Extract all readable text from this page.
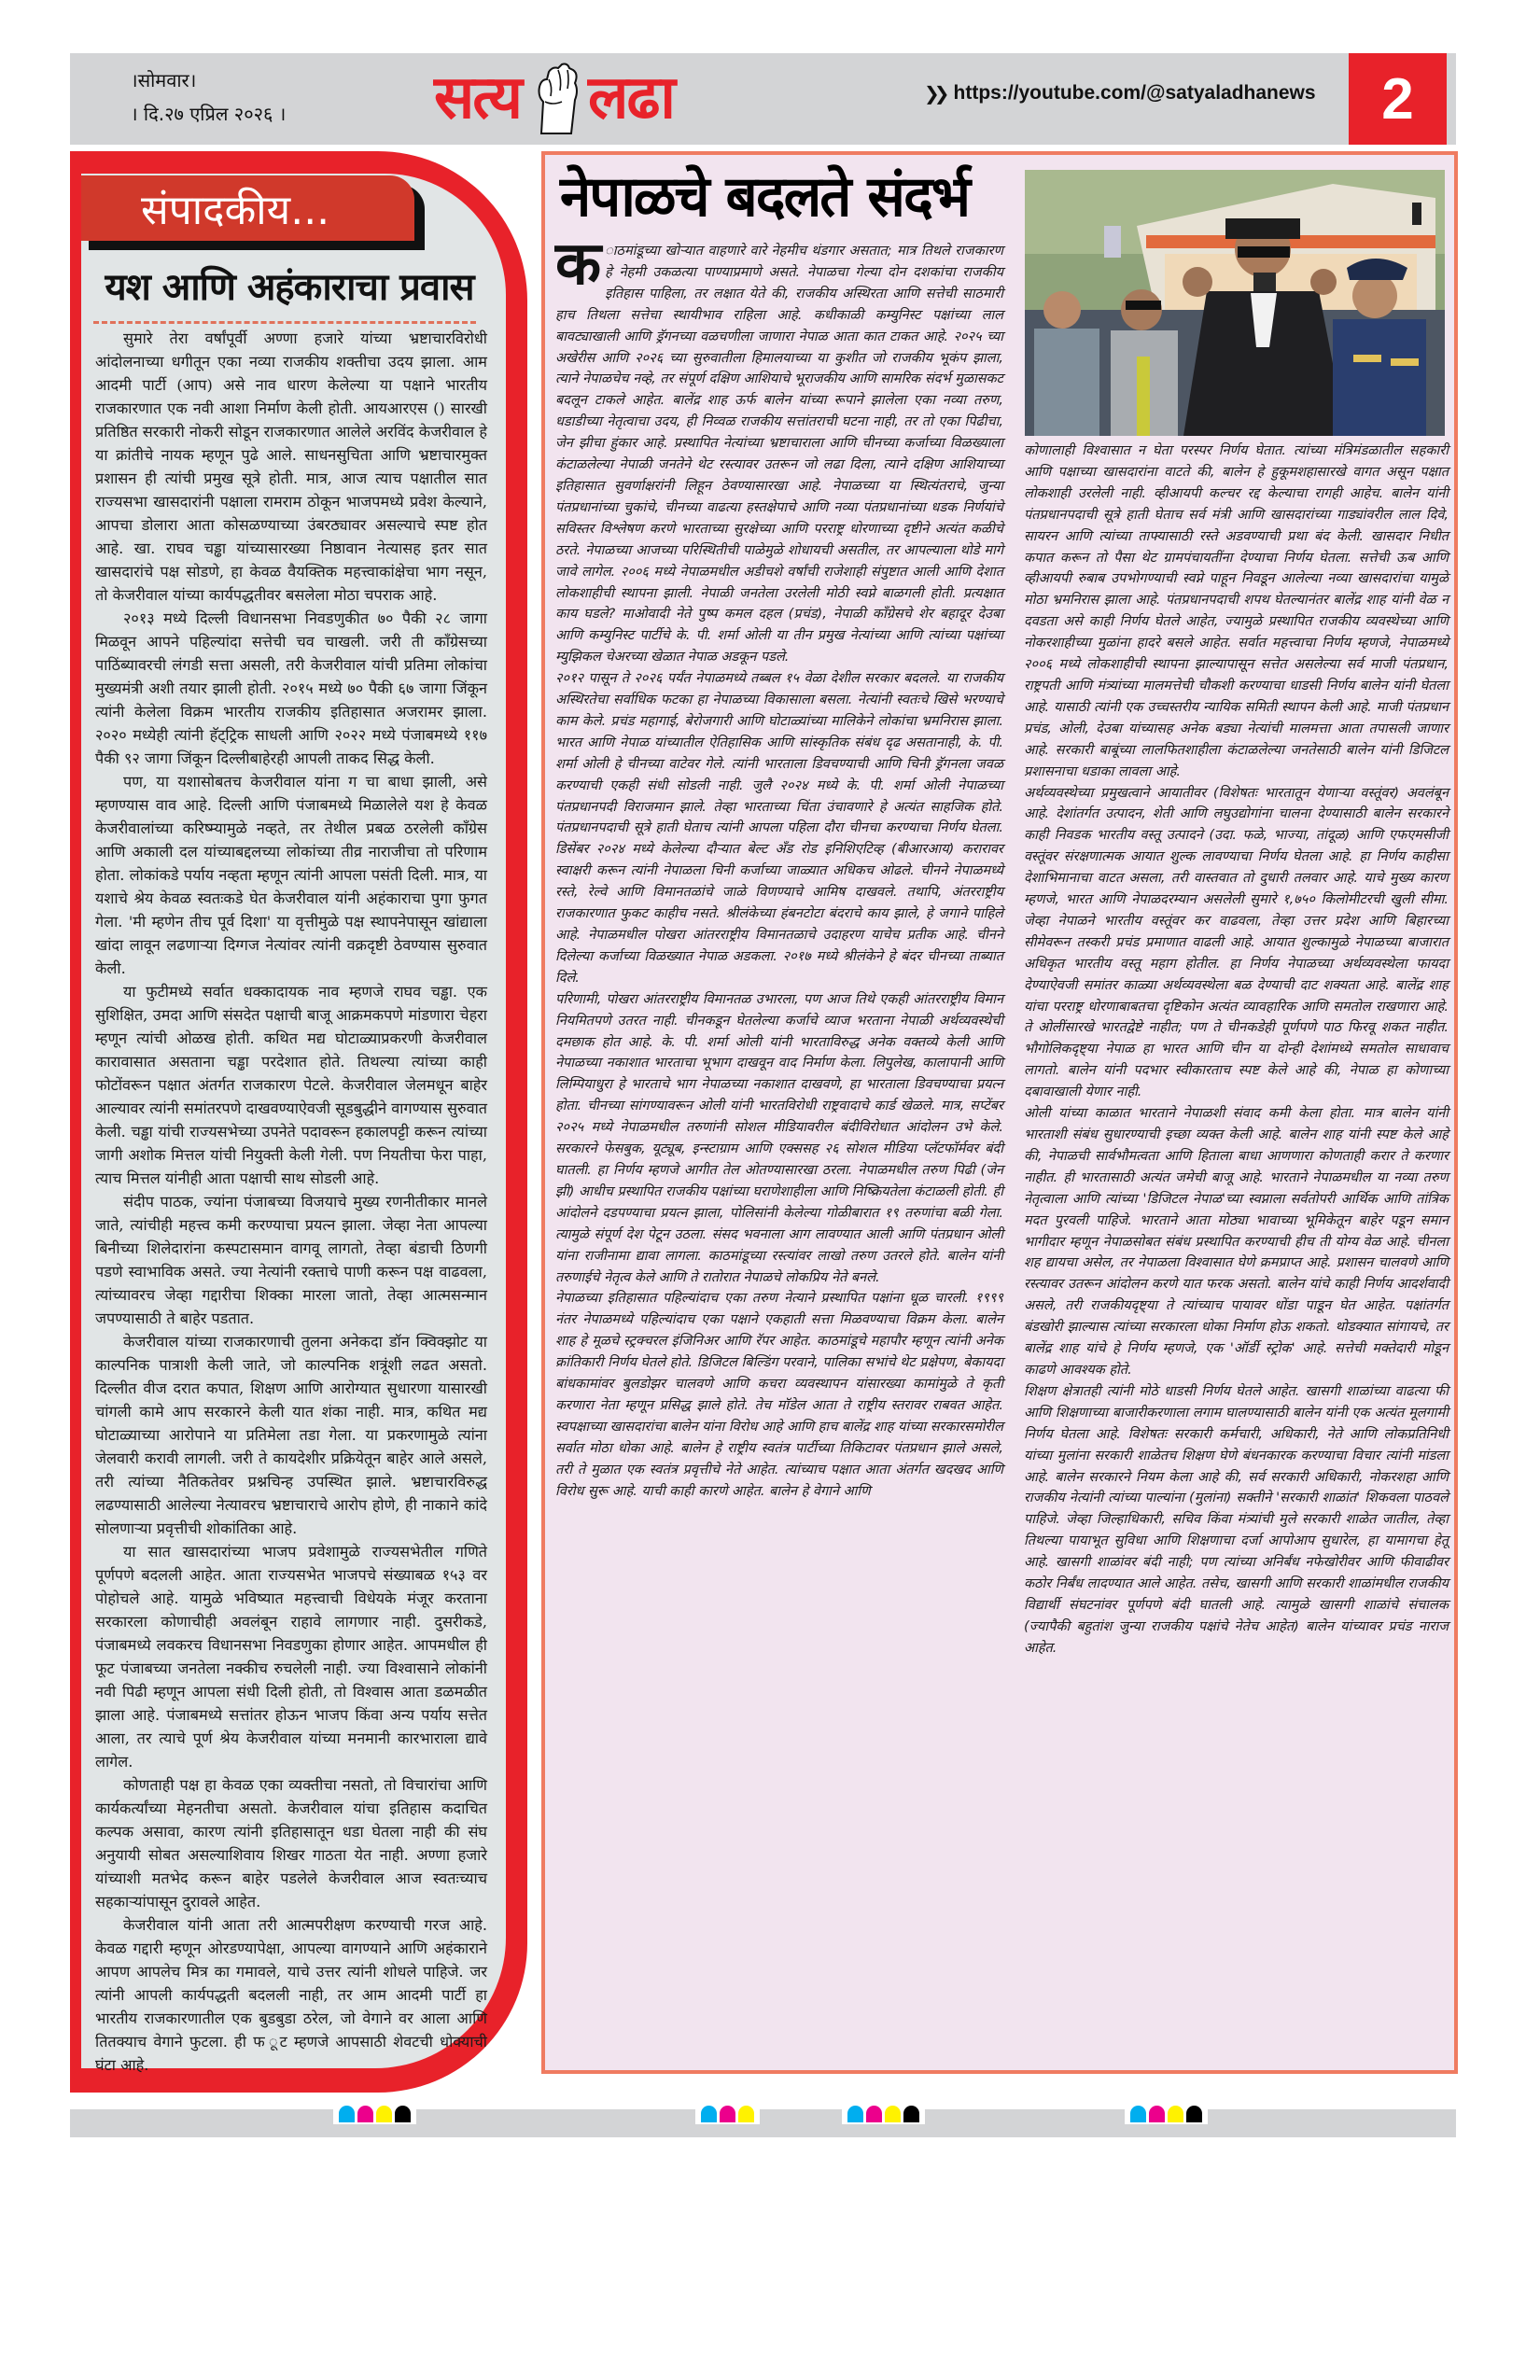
।सोमवार।
। दि.२७ एप्रिल २०२६ । सत्य लढा	❯❯ https://youtube.com/@satyaladhanews	2
संपादकीय...
यश आणि अहंकाराचा प्रवास

सुमारे तेरा वर्षांपूर्वी अण्णा हजारे यांच्या भ्रष्टाचारविरोधी आंदोलनाच्या धगीतून एका नव्या राजकीय शक्तीचा उदय झाला. आम आदमी पार्टी (आप) असे नाव धारण केलेल्या या पक्षाने भारतीय राजकारणात एक नवी आशा निर्माण केली होती. आयआरएस () सारखी प्रतिष्ठित सरकारी नोकरी सोडून राजकारणात आलेले अरविंद केजरीवाल हे या क्रांतीचे नायक म्हणून पुढे आले. साधनसुचिता आणि भ्रष्टाचारमुक्त प्रशासन ही त्यांची प्रमुख सूत्रे होती. मात्र, आज त्याच पक्षातील सात राज्यसभा खासदारांनी पक्षाला रामराम ठोकून भाजपमध्ये प्रवेश केल्याने, आपचा डोलारा आता कोसळण्याच्या उंबरठ्यावर असल्याचे स्पष्ट होत आहे. खा. राघव चड्ढा यांच्यासारख्या निष्ठावान नेत्यासह इतर सात खासदारांचे पक्ष सोडणे, हा केवळ वैयक्तिक महत्त्वाकांक्षेचा भाग नसून, तो केजरीवाल यांच्या कार्यपद्धतीवर बसलेला मोठा चपराक आहे.

२०१३ मध्ये दिल्ली विधानसभा निवडणुकीत ७० पैकी २८ जागा मिळवून आपने पहिल्यांदा सत्तेची चव चाखली. जरी ती काँग्रेसच्या पाठिंब्यावरची लंगडी सत्ता असली, तरी केजरीवाल यांची प्रतिमा लोकांचा मुख्यमंत्री अशी तयार झाली होती. २०१५ मध्ये ७० पैकी ६७ जागा जिंकून त्यांनी केलेला विक्रम भारतीय राजकीय इतिहासात अजरामर झाला. २०२० मध्येही त्यांनी हॅट्ट्रिक साधली आणि २०२२ मध्ये पंजाबमध्ये ११७ पैकी ९२ जागा जिंकून दिल्लीबाहेरही आपली ताकद सिद्ध केली.

पण, या यशासोबतच केजरीवाल यांना ग चा बाधा झाली, असे म्हणण्यास वाव आहे. दिल्ली आणि पंजाबमध्ये मिळालेले यश हे केवळ केजरीवालांच्या करिष्म्यामुळे नव्हते, तर तेथील प्रबळ ठरलेली काँग्रेस आणि अकाली दल यांच्याबद्दलच्या लोकांच्या तीव्र नाराजीचा तो परिणाम होता. लोकांकडे पर्याय नव्हता म्हणून त्यांनी आपला पसंती दिली. मात्र, या यशाचे श्रेय केवळ स्वतःकडे घेत केजरीवाल यांनी अहंकाराचा पुगा फुगत गेला. 'मी म्हणेन तीच पूर्व दिशा' या वृत्तीमुळे पक्ष स्थापनेपासून खांद्याला खांदा लावून लढणाऱ्या दिग्गज नेत्यांवर त्यांनी वक्रदृष्टी ठेवण्यास सुरुवात केली.

या फुटीमध्ये सर्वात धक्कादायक नाव म्हणजे राघव चड्ढा. एक सुशिक्षित, उमदा आणि संसदेत पक्षाची बाजू आक्रमकपणे मांडणारा चेहरा म्हणून त्यांची ओळख होती. कथित मद्य घोटाळ्याप्रकरणी केजरीवाल कारावासात असताना चड्ढा परदेशात होते. तिथल्या त्यांच्या काही फोटोंवरून पक्षात अंतर्गत राजकारण पेटले. केजरीवाल जेलमधून बाहेर आल्यावर त्यांनी समांतरपणे दाखवण्याऐवजी सूडबुद्धीने वागण्यास सुरुवात केली. चड्ढा यांची राज्यसभेच्या उपनेते पदावरून हकालपट्टी करून त्यांच्या जागी अशोक मित्तल यांची नियुक्ती केली गेली. पण नियतीचा फेरा पाहा, त्याच मित्तल यांनीही आता पक्षाची साथ सोडली आहे.

संदीप पाठक, ज्यांना पंजाबच्या विजयाचे मुख्य रणनीतीकार मानले जाते, त्यांचीही महत्त्व कमी करण्याचा प्रयत्न झाला. जेव्हा नेता आपल्या बिनीच्या शिलेदारांना कस्पटासमान वागवू लागतो, तेव्हा बंडाची ठिणगी पडणे स्वाभाविक असते. ज्या नेत्यांनी रक्ताचे पाणी करून पक्ष वाढवला, त्यांच्यावरच जेव्हा गद्दारीचा शिक्का मारला जातो, तेव्हा आत्मसन्मान जपण्यासाठी ते बाहेर पडतात.

केजरीवाल यांच्या राजकारणाची तुलना अनेकदा डॉन क्विक्झोट या काल्पनिक पात्राशी केली जाते, जो काल्पनिक शत्रूंशी लढत असतो. दिल्लीत वीज दरात कपात, शिक्षण आणि आरोग्यात सुधारणा यासारखी चांगली कामे आप सरकारने केली यात शंका नाही. मात्र, कथित मद्य घोटाळ्याच्या आरोपाने या प्रतिमेला तडा गेला. या प्रकरणामुळे त्यांना जेलवारी करावी लागली. जरी ते कायदेशीर प्रक्रियेतून बाहेर आले असले, तरी त्यांच्या नैतिकतेवर प्रश्नचिन्ह उपस्थित झाले. भ्रष्टाचारविरुद्ध लढण्यासाठी आलेल्या नेत्यावरच भ्रष्टाचाराचे आरोप होणे, ही नाकाने कांदे सोलणाऱ्या प्रवृत्तीची शोकांतिका आहे.

या सात खासदारांच्या भाजप प्रवेशामुळे राज्यसभेतील गणिते पूर्णपणे बदलली आहेत. आता राज्यसभेत भाजपचे संख्याबळ १५३ वर पोहोचले आहे. यामुळे भविष्यात महत्त्वाची विधेयके मंजूर करताना सरकारला कोणाचीही अवलंबून राहावे लागणार नाही. दुसरीकडे, पंजाबमध्ये लवकरच विधानसभा निवडणुका होणार आहेत. आपमधील ही फूट पंजाबच्या जनतेला नक्कीच रुचलेली नाही. ज्या विश्वासाने लोकांनी नवी पिढी म्हणून आपला संधी दिली होती, तो विश्वास आता डळमळीत झाला आहे. पंजाबमध्ये सत्तांतर होऊन भाजप किंवा अन्य पर्याय सत्तेत आला, तर त्याचे पूर्ण श्रेय केजरीवाल यांच्या मनमानी कारभाराला द्यावे लागेल.

कोणताही पक्ष हा केवळ एका व्यक्तीचा नसतो, तो विचारांचा आणि कार्यकर्त्यांच्या मेहनतीचा असतो. केजरीवाल यांचा इतिहास कदाचित कल्पक असावा, कारण त्यांनी इतिहासातून धडा घेतला नाही की संघ अनुयायी सोबत असल्याशिवाय शिखर गाठता येत नाही. अण्णा हजारे यांच्याशी मतभेद करून बाहेर पडलेले केजरीवाल आज स्वतःच्याच सहकाऱ्यांपासून दुरावले आहेत.

केजरीवाल यांनी आता तरी आत्मपरीक्षण करण्याची गरज आहे. केवळ गद्दारी म्हणून ओरडण्यापेक्षा, आपल्या वागण्याने आणि अहंकाराने आपण आपलेच मित्र का गमावले, याचे उत्तर त्यांनी शोधले पाहिजे. जर त्यांनी आपली कार्यपद्धती बदलली नाही, तर आम आदमी पार्टी हा भारतीय राजकारणातील एक बुडबुडा ठरेल, जो वेगाने वर आला आणि तितक्याच वेगाने फुटला. ही फ ूट म्हणजे आपसाठी शेवटची धोक्याची घंटा आहे.

नेपाळचे बदलते संदर्भ
क ाठमांडूच्या खोऱ्यात वाहणारे वारे नेहमीच थंडगार असतात; मात्र तिथले राजकारण हे नेहमी उकळत्या पाण्याप्रमाणे असते. नेपाळचा गेल्या दोन दशकांचा राजकीय इतिहास पाहिला, तर लक्षात येते की, राजकीय अस्थिरता आणि सत्तेची साठमारी हाच तिथला सत्तेचा स्थायीभाव राहिला आहे. कधीकाळी कम्युनिस्ट पक्षांच्या लाल बावट्याखाली आणि ड्रॅगनच्या वळचणीला जाणारा नेपाळ आता कात टाकत आहे. २०२५ च्या अखेरीस आणि २०२६ च्या सुरुवातीला हिमालयाच्या या कुशीत जो राजकीय भूकंप झाला, त्याने नेपाळचेच नव्हे, तर संपूर्ण दक्षिण आशियाचे भूराजकीय आणि सामरिक संदर्भ मुळासकट बदलून टाकले आहेत. बालेंद्र शाह ऊर्फ बालेन यांच्या रूपाने झालेला एका नव्या तरुण, धडाडीच्या नेतृत्वाचा उदय, ही निव्वळ राजकीय सत्तांतराची घटना नाही, तर तो एका पिढीचा, जेन झीचा हुंकार आहे. प्रस्थापित नेत्यांच्या भ्रष्टाचाराला आणि चीनच्या कर्जाच्या विळख्याला कंटाळलेल्या नेपाळी जनतेने थेट रस्त्यावर उतरून जो लढा दिला, त्याने दक्षिण आशियाच्या इतिहासात सुवर्णाक्षरांनी लिहून ठेवण्यासारखा आहे. नेपाळच्या या स्थित्यंतराचे, जुन्या पंतप्रधानांच्या चुकांचे, चीनच्या वाढत्या हस्तक्षेपाचे आणि नव्या पंतप्रधानांच्या धडक निर्णयांचे सविस्तर विश्लेषण करणे भारताच्या सुरक्षेच्या आणि परराष्ट्र धोरणाच्या दृष्टीने अत्यंत कळीचे ठरते. नेपाळच्या आजच्या परिस्थितीची पाळेमुळे शोधायची असतील, तर आपल्याला थोडे मागे जावे लागेल. २००६ मध्ये नेपाळमधील अडीचशे वर्षांची राजेशाही संपुष्टात आली आणि देशात लोकशाहीची स्थापना झाली. नेपाळी जनतेला उरलेली मोठी स्वप्ने बाळगली होती. प्रत्यक्षात काय घडले? माओवादी नेते पुष्प कमल दहल (प्रचंड), नेपाळी काँग्रेसचे शेर बहादूर देउबा आणि कम्युनिस्ट पार्टीचे के. पी. शर्मा ओली या तीन प्रमुख नेत्यांच्या आणि त्यांच्या पक्षांच्या म्युझिकल चेअरच्या खेळात नेपाळ अडकून पडले.

२०१२ पासून ते २०२६ पर्यंत नेपाळमध्ये तब्बल १५ वेळा देशील सरकार बदलले. या राजकीय अस्थिरतेचा सर्वाधिक फटका हा नेपाळच्या विकासाला बसला. नेत्यांनी स्वतःचे खिसे भरण्याचे काम केले. प्रचंड महागाई, बेरोजगारी आणि घोटाळ्यांच्या मालिकेने लोकांचा भ्रमनिरास झाला. भारत आणि नेपाळ यांच्यातील ऐतिहासिक आणि सांस्कृतिक संबंध दृढ असतानाही, के. पी. शर्मा ओली हे चीनच्या वाटेवर गेले. त्यांनी भारताला डिवचण्याची आणि चिनी ड्रॅगनला जवळ करण्याची एकही संधी सोडली नाही. जुलै २०२४ मध्ये के. पी. शर्मा ओली नेपाळच्या पंतप्रधानपदी विराजमान झाले. तेव्हा भारताच्या चिंता उंचावणारे हे अत्यंत साहजिक होते. पंतप्रधानपदाची सूत्रे हाती घेताच त्यांनी आपला पहिला दौरा चीनचा करण्याचा निर्णय घेतला. डिसेंबर २०२४ मध्ये केलेल्या दौऱ्यात बेल्ट अँड रोड इनिशिएटिव्ह (बीआरआय) करारावर स्वाक्षरी करून त्यांनी नेपाळला चिनी कर्जाच्या जाळ्यात अधिकच ओढले. चीनने नेपाळमध्ये रस्ते, रेल्वे आणि विमानतळांचे जाळे विणण्याचे आमिष दाखवले. तथापि, अंतरराष्ट्रीय राजकारणात फुकट काहीच नसते. श्रीलंकेच्या हंबनटोटा बंदराचे काय झाले, हे जगाने पाहिले आहे. नेपाळमधील पोखरा आंतरराष्ट्रीय विमानतळाचे उदाहरण याचेच प्रतीक आहे. चीनने दिलेल्या कर्जाच्या विळख्यात नेपाळ अडकला. २०१७ मध्ये श्रीलंकेने हे बंदर चीनच्या ताब्यात दिले.

परिणामी, पोखरा आंतरराष्ट्रीय विमानतळ उभारला, पण आज तिथे एकही आंतरराष्ट्रीय विमान नियमितपणे उतरत नाही. चीनकडून घेतलेल्या कर्जाचे व्याज भरताना नेपाळी अर्थव्यवस्थेची दमछाक होत आहे. के. पी. शर्मा ओली यांनी भारताविरुद्ध अनेक वक्तव्ये केली आणि नेपाळच्या नकाशात भारताचा भूभाग दाखवून वाद निर्माण केला. लिपुलेख, कालापानी आणि लिम्पियाधुरा हे भारताचे भाग नेपाळच्या नकाशात दाखवणे, हा भारताला डिवचण्याचा प्रयत्न होता. चीनच्या सांगण्यावरून ओली यांनी भारतविरोधी राष्ट्रवादाचे कार्ड खेळले. मात्र, सप्टेंबर २०२५ मध्ये नेपाळमधील तरुणांनी सोशल मीडियावरील बंदीविरोधात आंदोलन उभे केले. सरकारने फेसबुक, यूट्यूब, इन्स्टाग्राम आणि एक्ससह २६ सोशल मीडिया प्लॅटफॉर्मवर बंदी घातली. हा निर्णय म्हणजे आगीत तेल ओतण्यासारखा ठरला. नेपाळमधील तरुण पिढी (जेन झी) आधीच प्रस्थापित राजकीय पक्षांच्या घराणेशाहीला आणि निष्क्रियतेला कंटाळली होती. ही आंदोलने दडपण्याचा प्रयत्न झाला, पोलिसांनी केलेल्या गोळीबारात १९ तरुणांचा बळी गेला. त्यामुळे संपूर्ण देश पेटून उठला. संसद भवनाला आग लावण्यात आली आणि पंतप्रधान ओली यांना राजीनामा द्यावा लागला. काठमांडूच्या रस्त्यांवर लाखो तरुण उतरले होते. बालेन यांनी तरुणाईचे नेतृत्व केले आणि ते रातोरात नेपाळचे लोकप्रिय नेते बनले.

नेपाळच्या इतिहासात पहिल्यांदाच एका तरुण नेत्याने प्रस्थापित पक्षांना धूळ चारली. १९९९ नंतर नेपाळमध्ये पहिल्यांदाच एका पक्षाने एकहाती सत्ता मिळवण्याचा विक्रम केला. बालेन शाह हे मूळचे स्ट्रक्चरल इंजिनिअर आणि रॅपर आहेत. काठमांडूचे महापौर म्हणून त्यांनी अनेक क्रांतिकारी निर्णय घेतले होते. डिजिटल बिल्डिंग परवाने, पालिका सभांचे थेट प्रक्षेपण, बेकायदा बांधकामांवर बुलडोझर चालवणे आणि कचरा व्यवस्थापन यांसारख्या कामांमुळे ते कृती करणारा नेता म्हणून प्रसिद्ध झाले होते. तेच मॉडेल आता ते राष्ट्रीय स्तरावर राबवत आहेत. स्वपक्षाच्या खासदारांचा बालेन यांना विरोध आहे आणि हाच बालेंद्र शाह यांच्या सरकारसमोरील सर्वात मोठा धोका आहे. बालेन हे राष्ट्रीय स्वतंत्र पार्टीच्या तिकिटावर पंतप्रधान झाले असले, तरी ते मुळात एक स्वतंत्र प्रवृत्तीचे नेते आहेत. त्यांच्याच पक्षात आता अंतर्गत खदखद आणि विरोध सुरू आहे. याची काही कारणे आहेत. बालेन हे वेगाने आणि

कोणालाही विश्वासात न घेता परस्पर निर्णय घेतात. त्यांच्या मंत्रिमंडळातील सहकारी आणि पक्षाच्या खासदारांना वाटते की, बालेन हे हुकूमशहासारखे वागत असून पक्षात लोकशाही उरलेली नाही. व्हीआयपी कल्चर रद्द केल्याचा रागही आहेच. बालेन यांनी पंतप्रधानपदाची सूत्रे हाती घेताच सर्व मंत्री आणि खासदारांच्या गाड्यांवरील लाल दिवे, सायरन आणि त्यांच्या ताफ्यासाठी रस्ते अडवण्याची प्रथा बंद केली. खासदार निधीत कपात करून तो पैसा थेट ग्रामपंचायतींना देण्याचा निर्णय घेतला. सत्तेची ऊब आणि व्हीआयपी रुबाब उपभोगण्याची स्वप्ने पाहून निवडून आलेल्या नव्या खासदारांचा यामुळे मोठा भ्रमनिरास झाला आहे. पंतप्रधानपदाची शपथ घेतल्यानंतर बालेंद्र शाह यांनी वेळ न दवडता असे काही निर्णय घेतले आहेत, ज्यामुळे प्रस्थापित राजकीय व्यवस्थेच्या आणि नोकरशाहीच्या मुळांना हादरे बसले आहेत. सर्वात महत्त्वाचा निर्णय म्हणजे, नेपाळमध्ये २००६ मध्ये लोकशाहीची स्थापना झाल्यापासून सत्तेत असलेल्या सर्व माजी पंतप्रधान, राष्ट्रपती आणि मंत्र्यांच्या मालमत्तेची चौकशी करण्याचा धाडसी निर्णय बालेन यांनी घेतला आहे. यासाठी त्यांनी एक उच्चस्तरीय न्यायिक समिती स्थापन केली आहे. माजी पंतप्रधान प्रचंड, ओली, देउबा यांच्यासह अनेक बड्या नेत्यांची मालमत्ता आता तपासली जाणार आहे. सरकारी बाबूंच्या लालफितशाहीला कंटाळलेल्या जनतेसाठी बालेन यांनी डिजिटल प्रशासनाचा धडाका लावला आहे.

अर्थव्यवस्थेच्या प्रमुखत्वाने आयातीवर (विशेषतः भारतातून येणाऱ्या वस्तूंवर) अवलंबून आहे. देशांतर्गत उत्पादन, शेती आणि लघुउद्योगांना चालना देण्यासाठी बालेन सरकारने काही निवडक भारतीय वस्तू उत्पादने (उदा. फळे, भाज्या, तांदूळ) आणि एफएमसीजी वस्तूंवर संरक्षणात्मक आयात शुल्क लावण्याचा निर्णय घेतला आहे. हा निर्णय काहीसा देशाभिमानाचा वाटत असला, तरी वास्तवात तो दुधारी तलवार आहे. याचे मुख्य कारण म्हणजे, भारत आणि नेपाळदरम्यान असलेली सुमारे १,७५० किलोमीटरची खुली सीमा. जेव्हा नेपाळने भारतीय वस्तूंवर कर वाढवला, तेव्हा उत्तर प्रदेश आणि बिहारच्या सीमेवरून तस्करी प्रचंड प्रमाणात वाढली आहे. आयात शुल्कामुळे नेपाळच्या बाजारात अधिकृत भारतीय वस्तू महाग होतील. हा निर्णय नेपाळच्या अर्थव्यवस्थेला फायदा देण्याऐवजी समांतर काळ्या अर्थव्यवस्थेला बळ देण्याची दाट शक्यता आहे. बालेंद्र शाह यांचा परराष्ट्र धोरणाबाबतचा दृष्टिकोन अत्यंत व्यावहारिक आणि समतोल राखणारा आहे. ते ओलींसारखे भारतद्वेष्टे नाहीत; पण ते चीनकडेही पूर्णपणे पाठ फिरवू शकत नाहीत. भौगोलिकदृष्ट्या नेपाळ हा भारत आणि चीन या दोन्ही देशांमध्ये समतोल साधावाच लागतो. बालेन यांनी पदभार स्वीकारताच स्पष्ट केले आहे की, नेपाळ हा कोणाच्या दबावाखाली येणार नाही.

ओली यांच्या काळात भारताने नेपाळशी संवाद कमी केला होता. मात्र बालेन यांनी भारताशी संबंध सुधारण्याची इच्छा व्यक्त केली आहे. बालेन शाह यांनी स्पष्ट केले आहे की, नेपाळची सार्वभौमत्वता आणि हिताला बाधा आणणारा कोणताही करार ते करणार नाहीत. ही भारतासाठी अत्यंत जमेची बाजू आहे. भारताने नेपाळमधील या नव्या तरुण नेतृत्वाला आणि त्यांच्या 'डिजिटल नेपाळ'च्या स्वप्नाला सर्वतोपरी आर्थिक आणि तांत्रिक मदत पुरवली पाहिजे. भारताने आता मोठ्या भावाच्या भूमिकेतून बाहेर पडून समान भागीदार म्हणून नेपाळसोबत संबंध प्रस्थापित करण्याची हीच ती योग्य वेळ आहे. चीनला शह द्यायचा असेल, तर नेपाळला विश्वासात घेणे क्रमप्राप्त आहे. प्रशासन चालवणे आणि रस्त्यावर उतरून आंदोलन करणे यात फरक असतो. बालेन यांचे काही निर्णय आदर्शवादी असले, तरी राजकीयदृष्ट्या ते त्यांच्याच पायावर धोंडा पाडून घेत आहेत. पक्षांतर्गत बंडखोरी झाल्यास त्यांच्या सरकारला धोका निर्माण होऊ शकतो. थोडक्यात सांगायचे, तर बालेंद्र शाह यांचे हे निर्णय म्हणजे, एक 'ऑर्डी स्ट्रोक' आहे. सत्तेची मक्तेदारी मोडून काढणे आवश्यक होते.

शिक्षण क्षेत्रातही त्यांनी मोठे धाडसी निर्णय घेतले आहेत. खासगी शाळांच्या वाढत्या फी आणि शिक्षणाच्या बाजारीकरणाला लगाम घालण्यासाठी बालेन यांनी एक अत्यंत मूलगामी निर्णय घेतला आहे. विशेषतः सरकारी कर्मचारी, अधिकारी, नेते आणि लोकप्रतिनिधी यांच्या मुलांना सरकारी शाळेतच शिक्षण घेणे बंधनकारक करण्याचा विचार त्यांनी मांडला आहे. बालेन सरकारने नियम केला आहे की, सर्व सरकारी अधिकारी, नोकरशहा आणि राजकीय नेत्यांनी त्यांच्या पाल्यांना (मुलांना) सक्तीने 'सरकारी शाळांत' शिकवला पाठवले पाहिजे. जेव्हा जिल्हाधिकारी, सचिव किंवा मंत्र्यांची मुले सरकारी शाळेत जातील, तेव्हा तिथल्या पायाभूत सुविधा आणि शिक्षणाचा दर्जा आपोआप सुधारेल, हा यामागचा हेतू आहे. खासगी शाळांवर बंदी नाही; पण त्यांच्या अनिर्बंध नफेखोरीवर आणि फीवाढीवर कठोर निर्बंध लादण्यात आले आहेत. तसेच, खासगी आणि सरकारी शाळांमधील राजकीय विद्यार्थी संघटनांवर पूर्णपणे बंदी घातली आहे. त्यामुळे खासगी शाळांचे संचालक (ज्यापैकी बहुतांश जुन्या राजकीय पक्षांचे नेतेच आहेत) बालेन यांच्यावर प्रचंड नाराज आहेत.
